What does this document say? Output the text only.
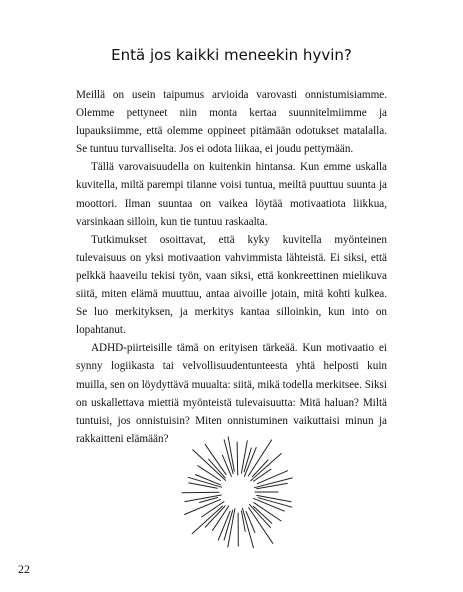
Entä jos kaikki meneekin hyvin?

Meillä on usein taipumus arvioida varovasti onnistumisiamme. Olemme pettyneet niin monta kertaa suunnitelmiimme ja lupauksiimme, että olemme oppineet pitämään odotukset matalalla. Se tuntuu turvalliselta. Jos ei odota liikaa, ei joudu pettymään.

Tällä varovaisuudella on kuitenkin hintansa. Kun emme uskalla kuvitella, miltä parempi tilanne voisi tuntua, meiltä puuttuu suunta ja moottori. Ilman suuntaa on vaikea löytää motivaatiota liikkua, varsinkaan silloin, kun tie tuntuu raskaalta.

Tutkimukset osoittavat, että kyky kuvitella myönteinen tulevaisuus on yksi motivaation vahvimmista lähteistä. Ei siksi, että pelkkä haaveilu tekisi työn, vaan siksi, että konkreettinen mielikuva siitä, miten elämä muuttuu, antaa aivoille jotain, mitä kohti kulkea. Se luo merkityksen, ja merkitys kantaa silloinkin, kun into on lopahtanut.

ADHD-piirteisille tämä on erityisen tärkeää. Kun motivaatio ei synny logiikasta tai velvollisuudentunteesta yhtä helposti kuin muilla, sen on löydyttävä muualta: siitä, mikä todella merkitsee. Siksi on uskallettava miettiä myönteistä tulevaisuutta: Mitä haluan? Miltä tuntuisi, jos onnistuisin? Miten onnistuminen vaikuttaisi minun ja rakkaitteni elämään?

22
